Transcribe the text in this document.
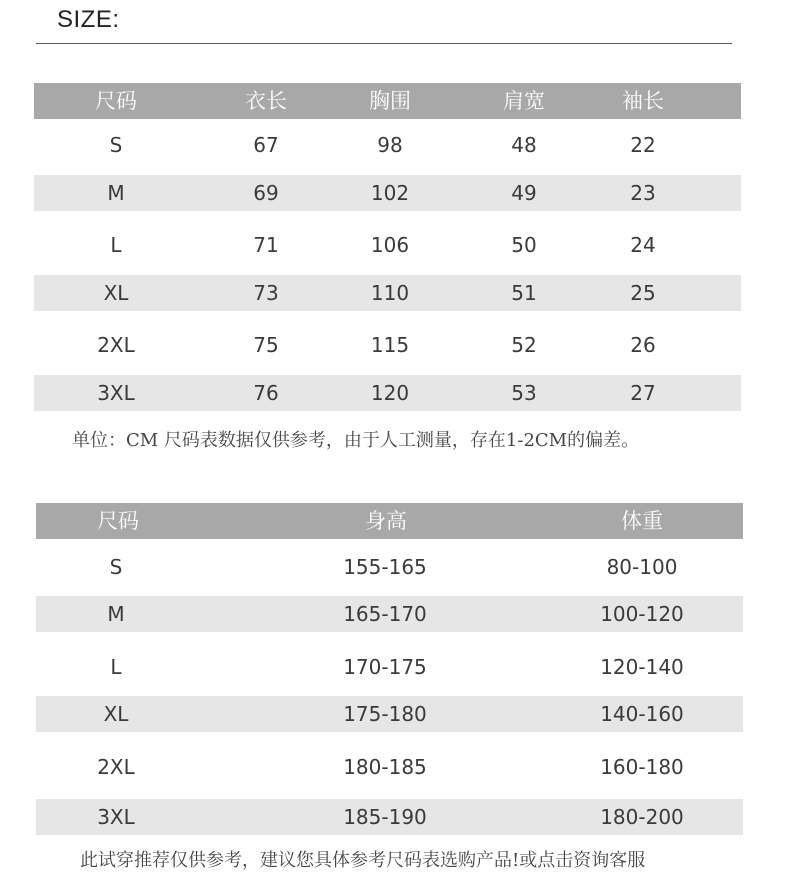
SIZE:
尺码	衣长	胸围	肩宽	袖长
S	67	98	48	22
M	69	102	49	23
L	71	106	50	24
XL	73	110	51	25
2XL	75	115	52	26
3XL	76	120	53	27
单位：CM 尺码表数据仅供参考，由于人工测量，存在1-2CM的偏差。
尺码	身高	体重
S	155-165	80-100
M	165-170	100-120
L	170-175	120-140
XL	175-180	140-160
2XL	180-185	160-180
3XL	185-190	180-200
此试穿推荐仅供参考，建议您具体参考尺码表选购产品!或点击资询客服
